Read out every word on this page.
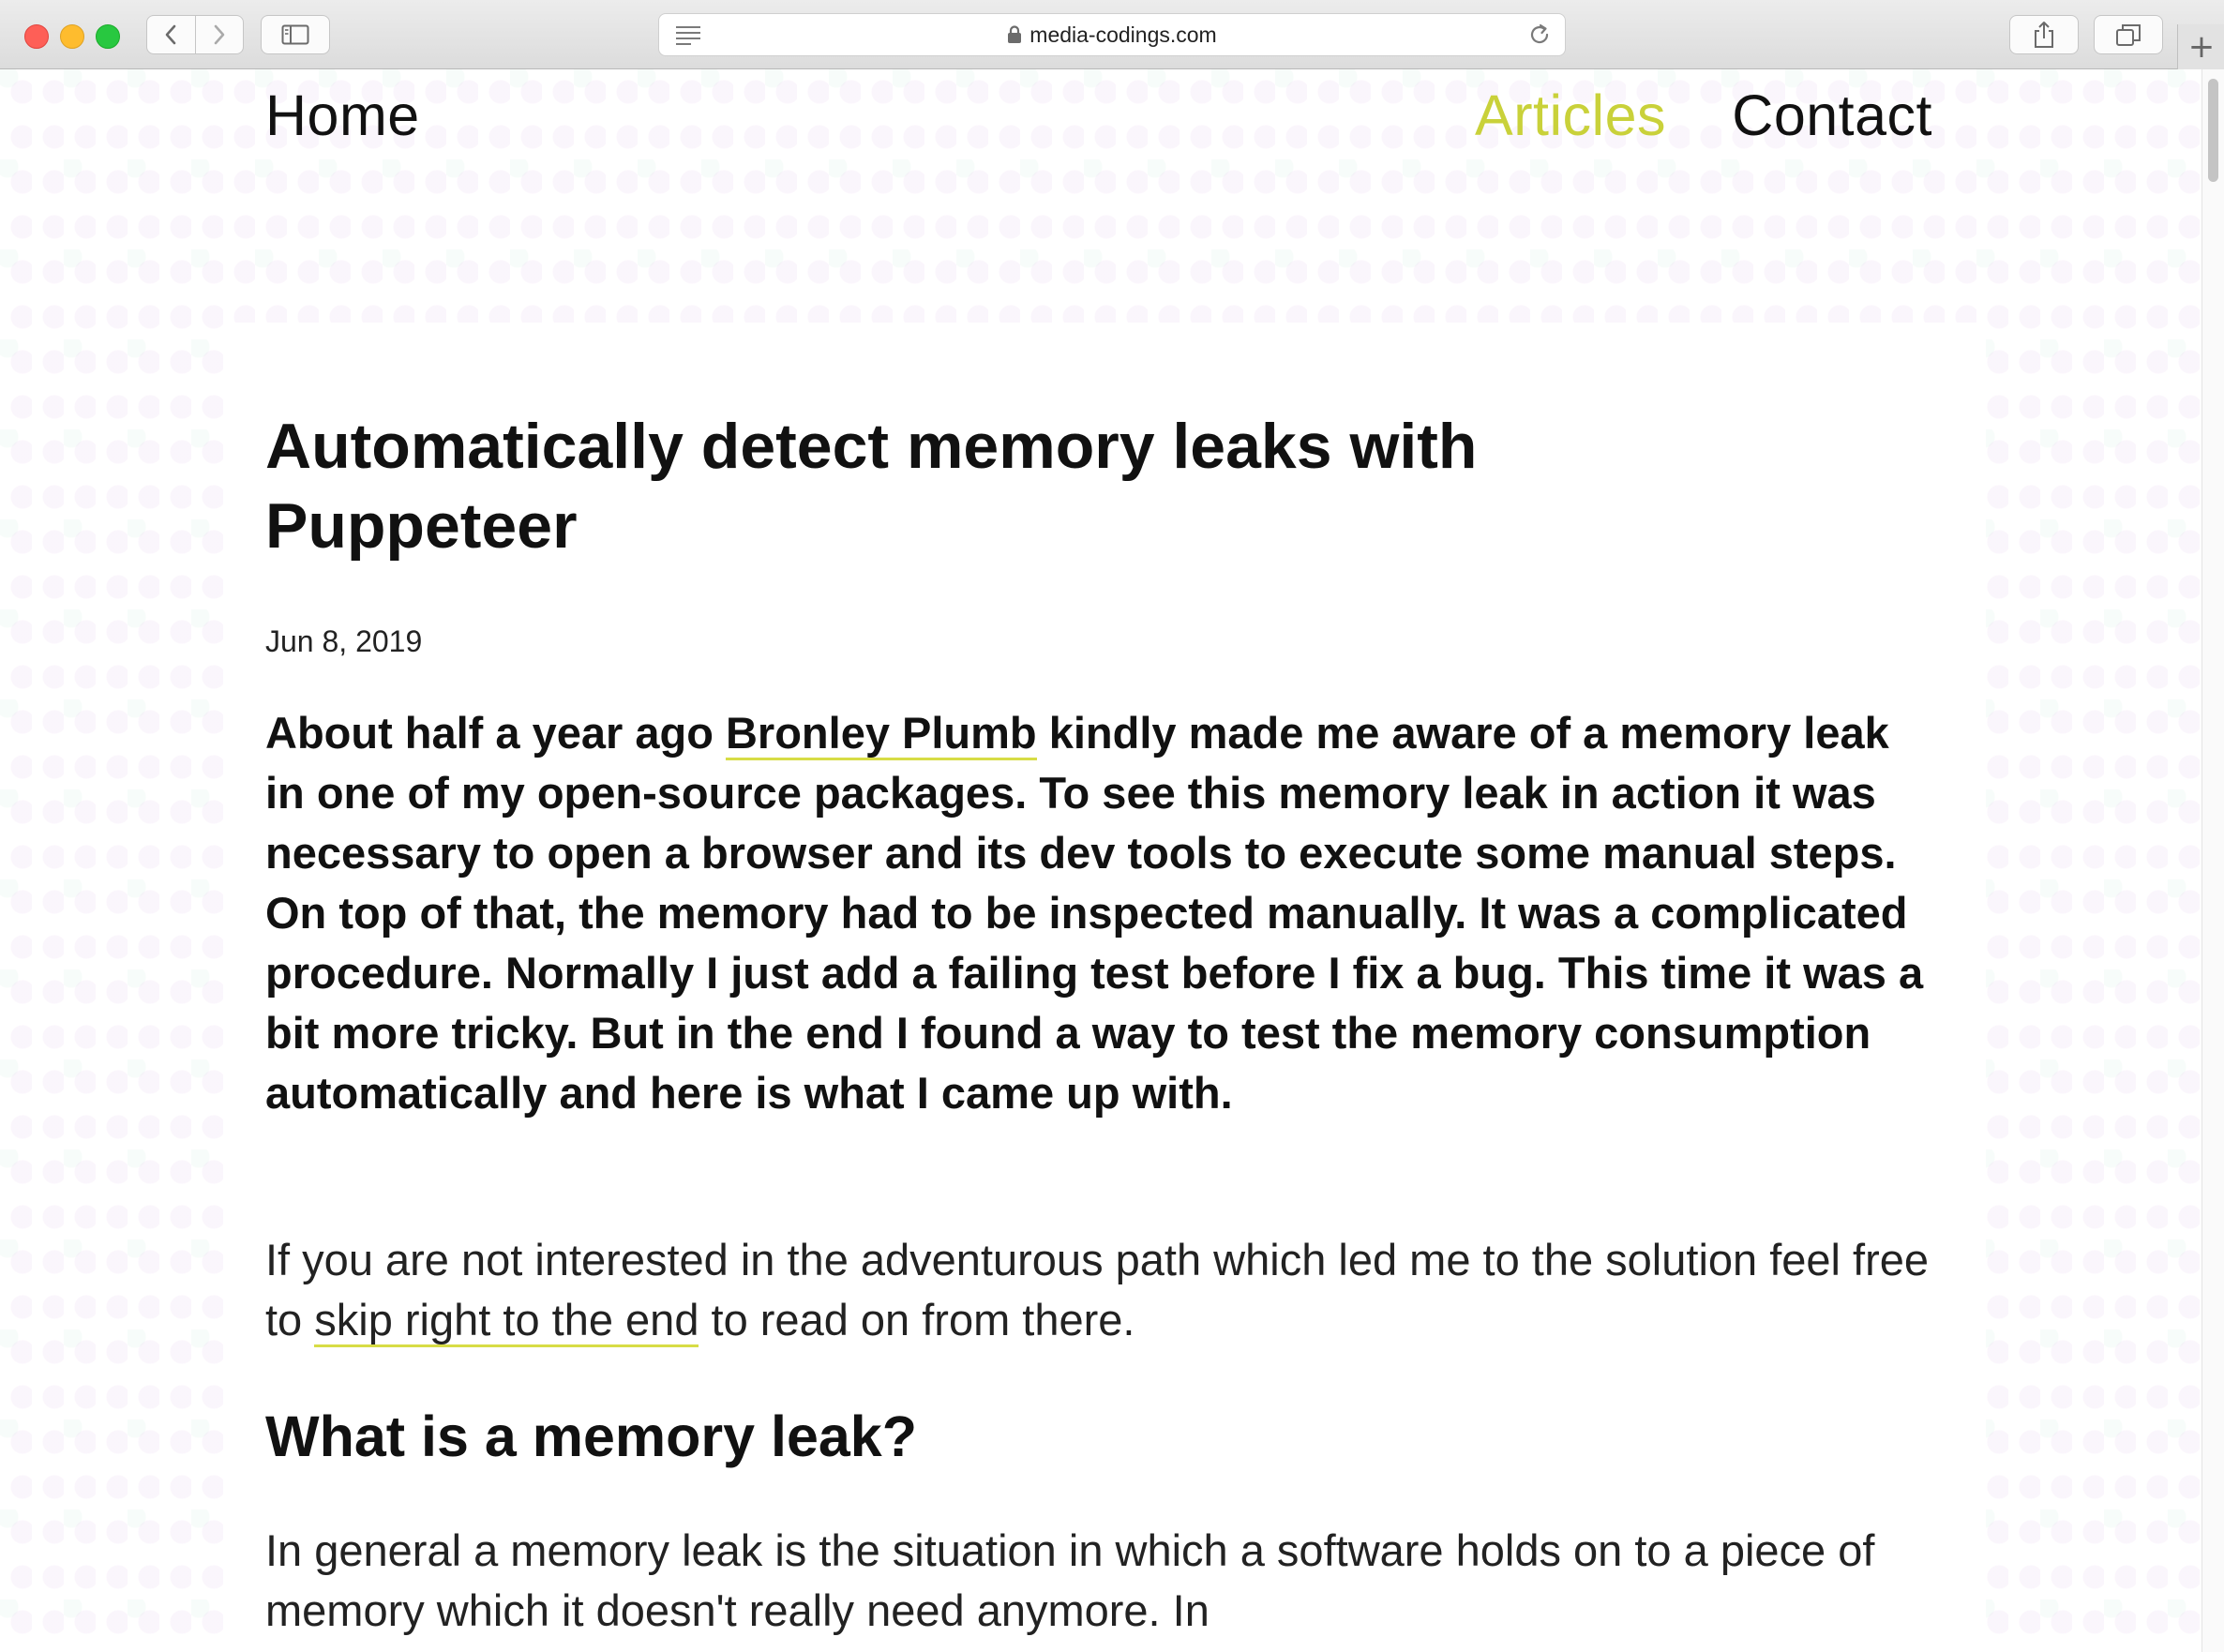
media-codings.com	+
Home	Articles Contact
Automatically detect memory leaks with Puppeteer
Jun 8, 2019

About half a year ago Bronley Plumb kindly made me aware of a memory leak in one of my open-source packages. To see this memory leak in action it was necessary to open a browser and its dev tools to execute some manual steps. On top of that, the memory had to be inspected manually. It was a complicated procedure. Normally I just add a failing test before I fix a bug. This time it was a bit more tricky. But in the end I found a way to test the memory consumption automatically and here is what I came up with.

If you are not interested in the adventurous path which led me to the solution feel free to skip right to the end to read on from there.

What is a memory leak?

In general a memory leak is the situation in which a software holds on to a piece of memory which it doesn't really need anymore. In
